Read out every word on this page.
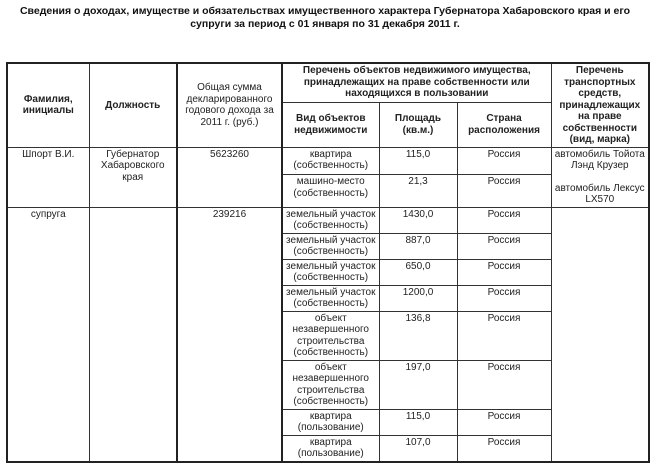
Сведения о доходах, имуществе и обязательствах имущественного характера Губернатора Хабаровского края и его
супруги за период с 01 января по 31 декабря 2011 г.
Фамилия, инициалы	Должность	Общая сумма декларированного годового дохода за 2011 г. (руб.)	Перечень объектов недвижимого имущества, принадлежащих на праве собственности или находящихся в пользовании			Перечень транспортных средств, принадлежащих на праве собственности (вид, марка)
			Вид объектов недвижимости	Площадь (кв.м.)	Страна расположения	
Шпорт В.И.	Губернатор Хабаровского края	5623260	квартира (собственность)	115,0	Россия	автомобиль Тойота Лэнд Крузер
автомобиль Лексус LX570

			машино-место (собственность)	21,3	Россия	
супруга		239216	земельный участок (собственность)	1430,0	Россия	
			земельный участок (собственность)	887,0	Россия	
			земельный участок (собственность)	650,0	Россия	
			земельный участок (собственность)	1200,0	Россия	
			объект незавершенного строительства (собственность)	136,8	Россия	
			объект незавершенного строительства (собственность)	197,0	Россия	
			квартира (пользование)	115,0	Россия	
			квартира (пользование)	107,0	Россия	
